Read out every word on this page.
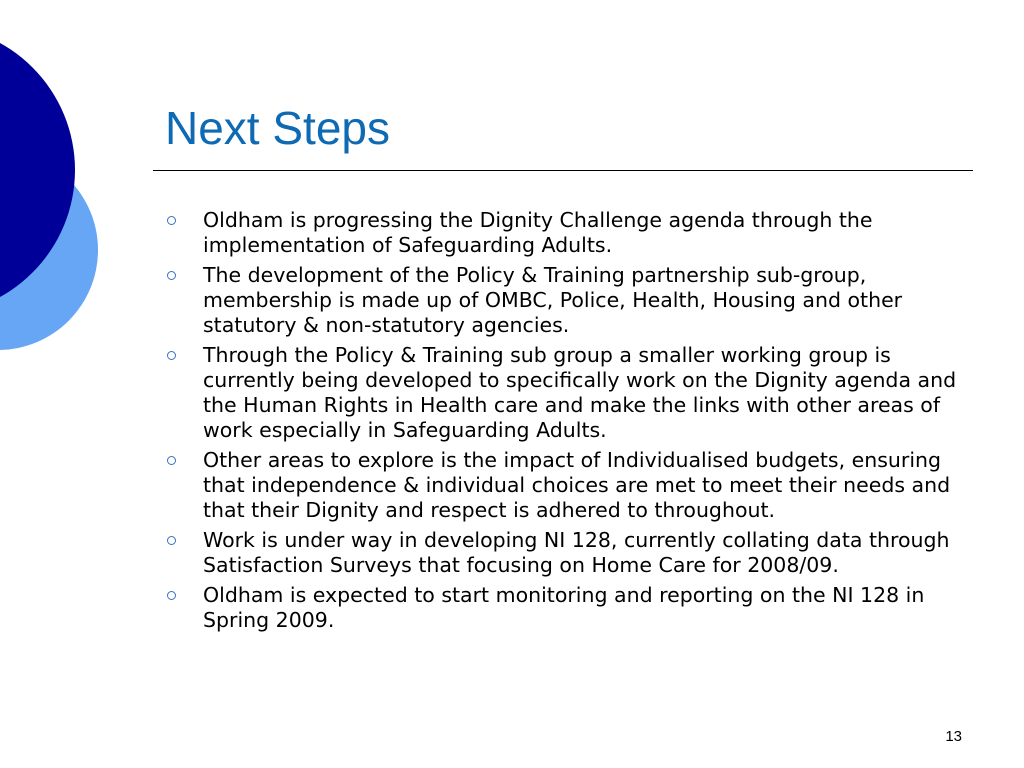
Next Steps
Oldham is progressing the Dignity Challenge agenda through the implementation of Safeguarding Adults.
The development of the Policy & Training partnership sub-group, membership is made up of OMBC, Police, Health, Housing and other statutory & non-statutory agencies.
Through the Policy & Training sub group a smaller working group is currently being developed to specifically work on the Dignity agenda and the Human Rights in Health care and make the links with other areas of work especially in Safeguarding Adults.
Other areas to explore is the impact of Individualised budgets, ensuring that independence & individual choices are met to meet their needs and that their Dignity and respect is adhered to throughout.
Work is under way in developing NI 128, currently collating data through Satisfaction Surveys that focusing on Home Care for 2008/09.
Oldham is expected to start monitoring and reporting on the NI 128 in Spring 2009.
13
